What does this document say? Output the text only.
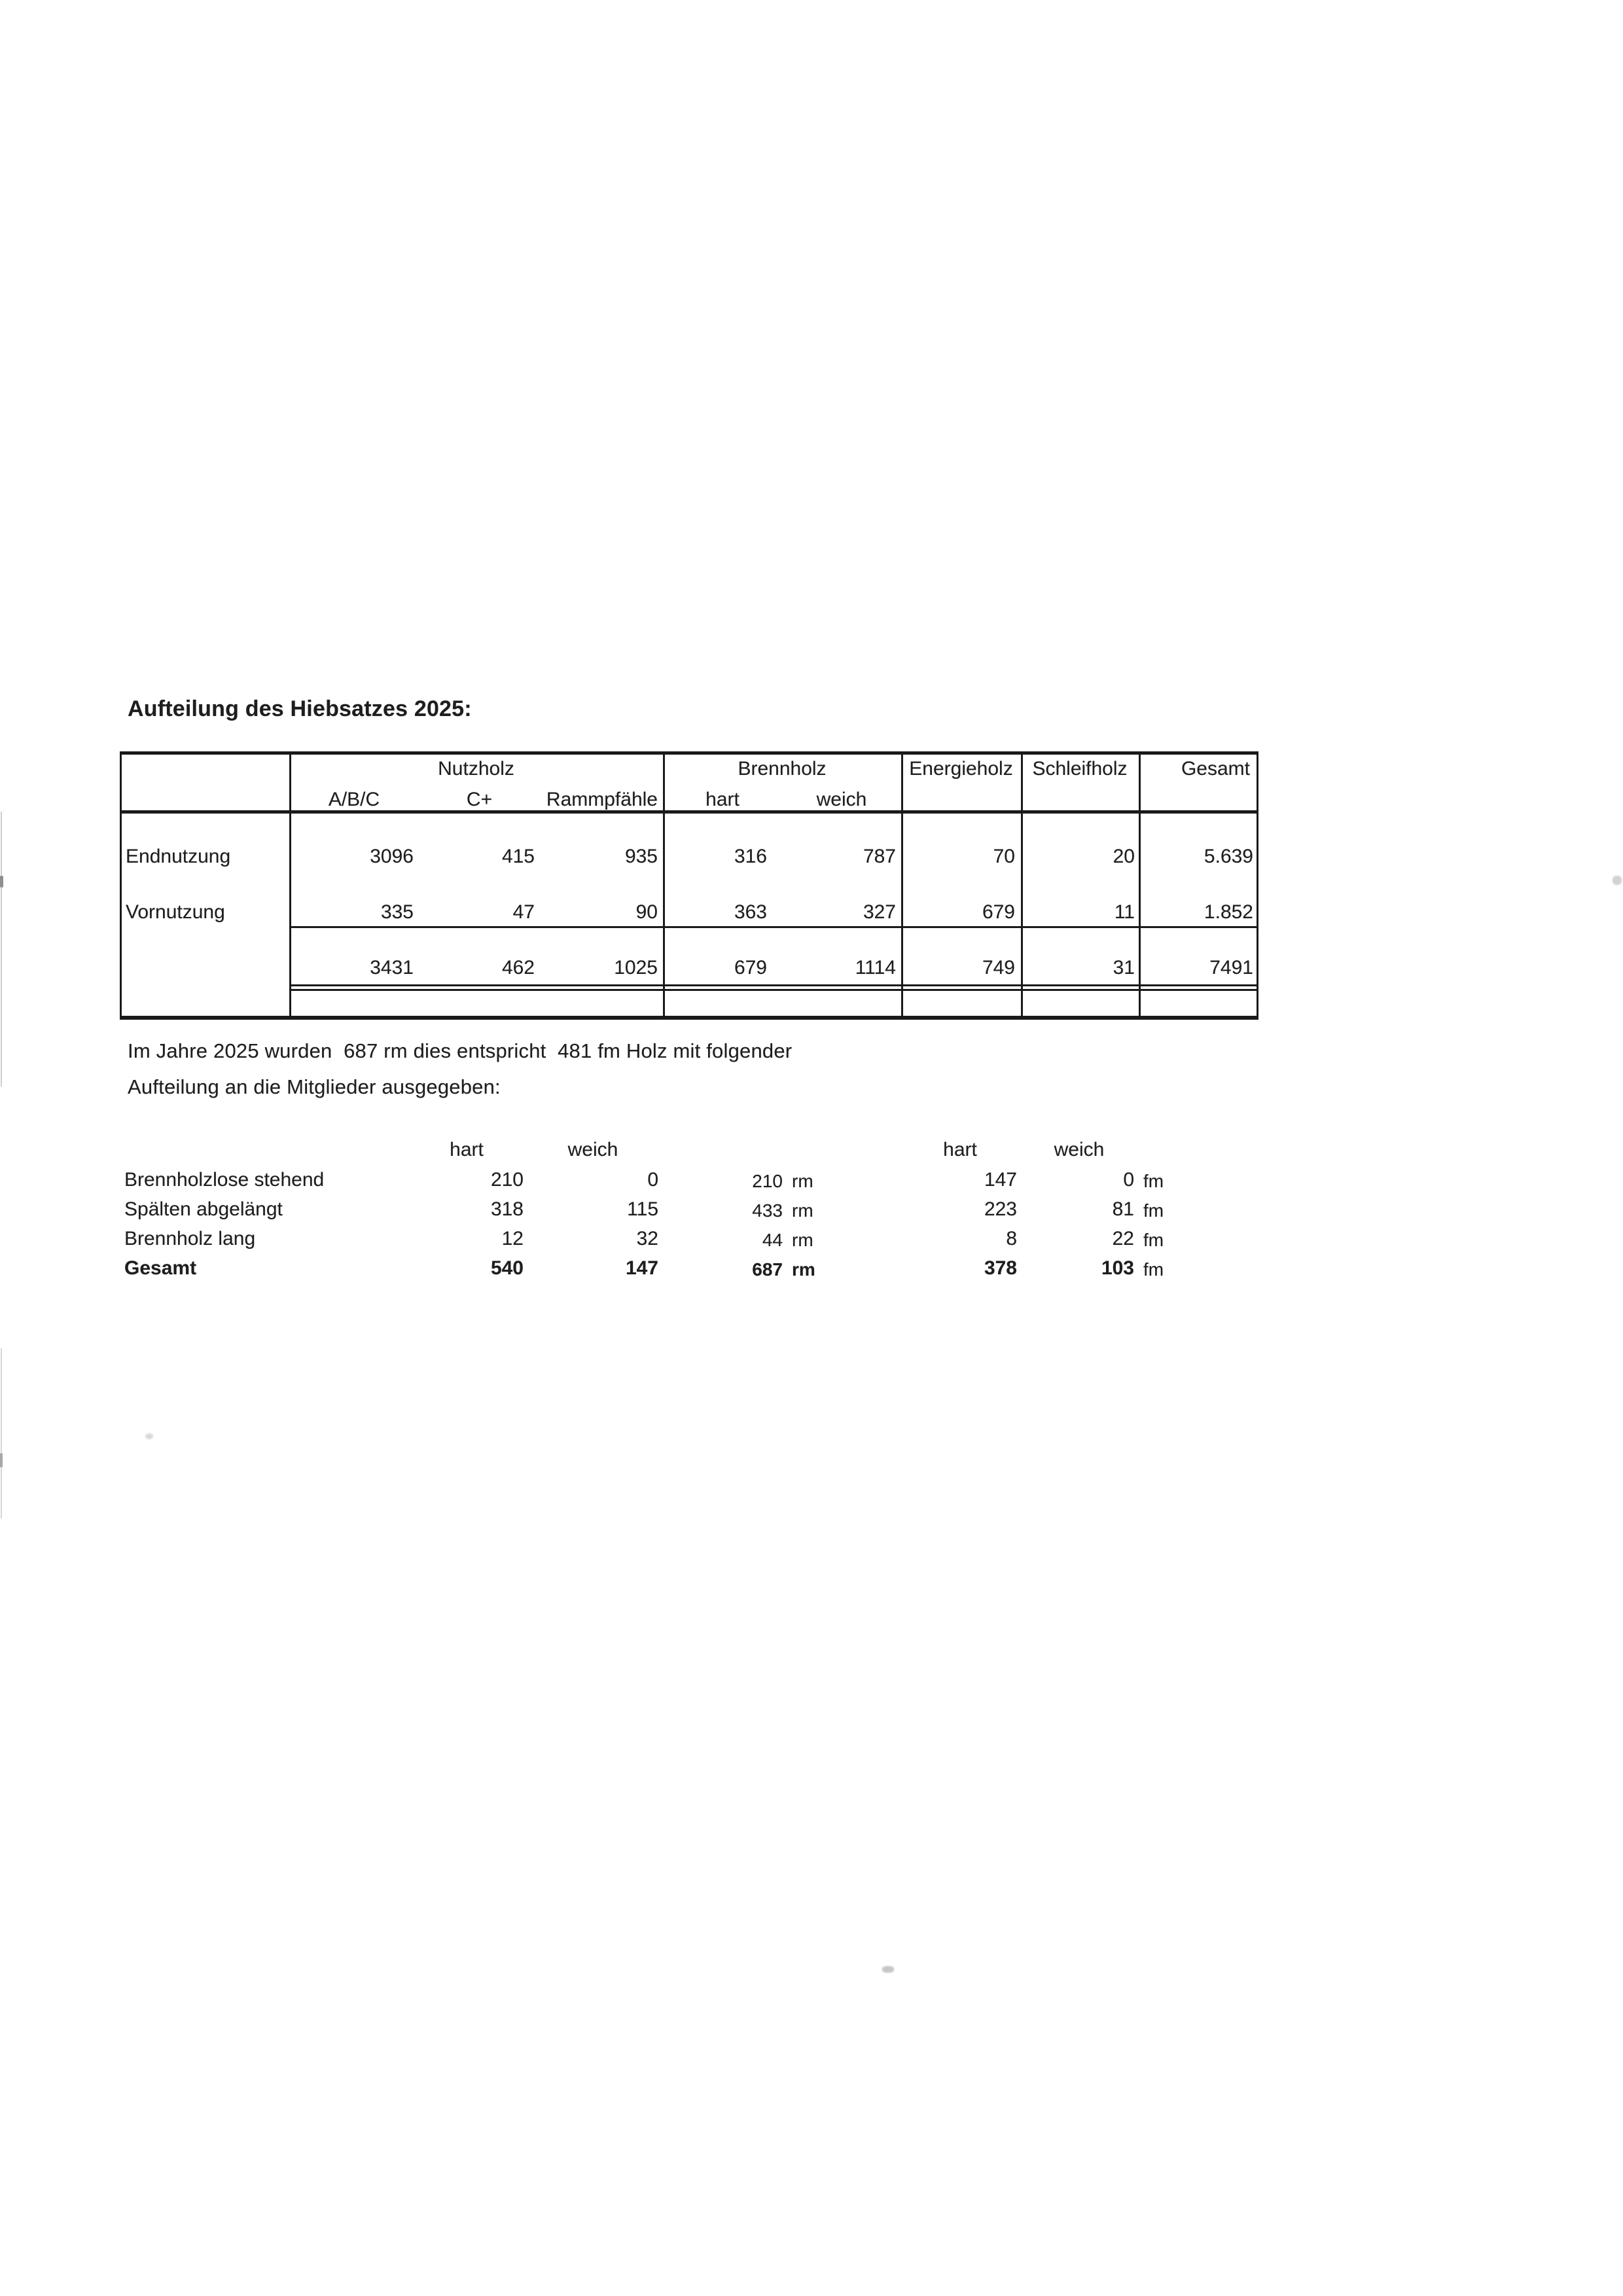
Aufteilung des Hiebsatzes 2025:
Nutzholz	Brennholz	Energieholz Schleifholz	Gesamt
A/B/C	C+	Rammpfähle	hart	weich
Endnutzung	3096	415	935	316	787	70	20	5.639
Vornutzung	335	47	90	363	327	679	11	1.852
3431	462	1025	679	1114	749	31	7491
Im Jahre 2025 wurden  687 rm dies entspricht  481 fm Holz mit folgender
Aufteilung an die Mitglieder ausgegeben:
hart	weich	hart	weich
Brennholzlose stehend	210	0	210 rm	147	0 fm
Spälten abgelängt	318	115	433 rm	223	81 fm
Brennholz lang	12	32	44 rm	8	22 fm
Gesamt	540	147	687 rm	378	103 fm
